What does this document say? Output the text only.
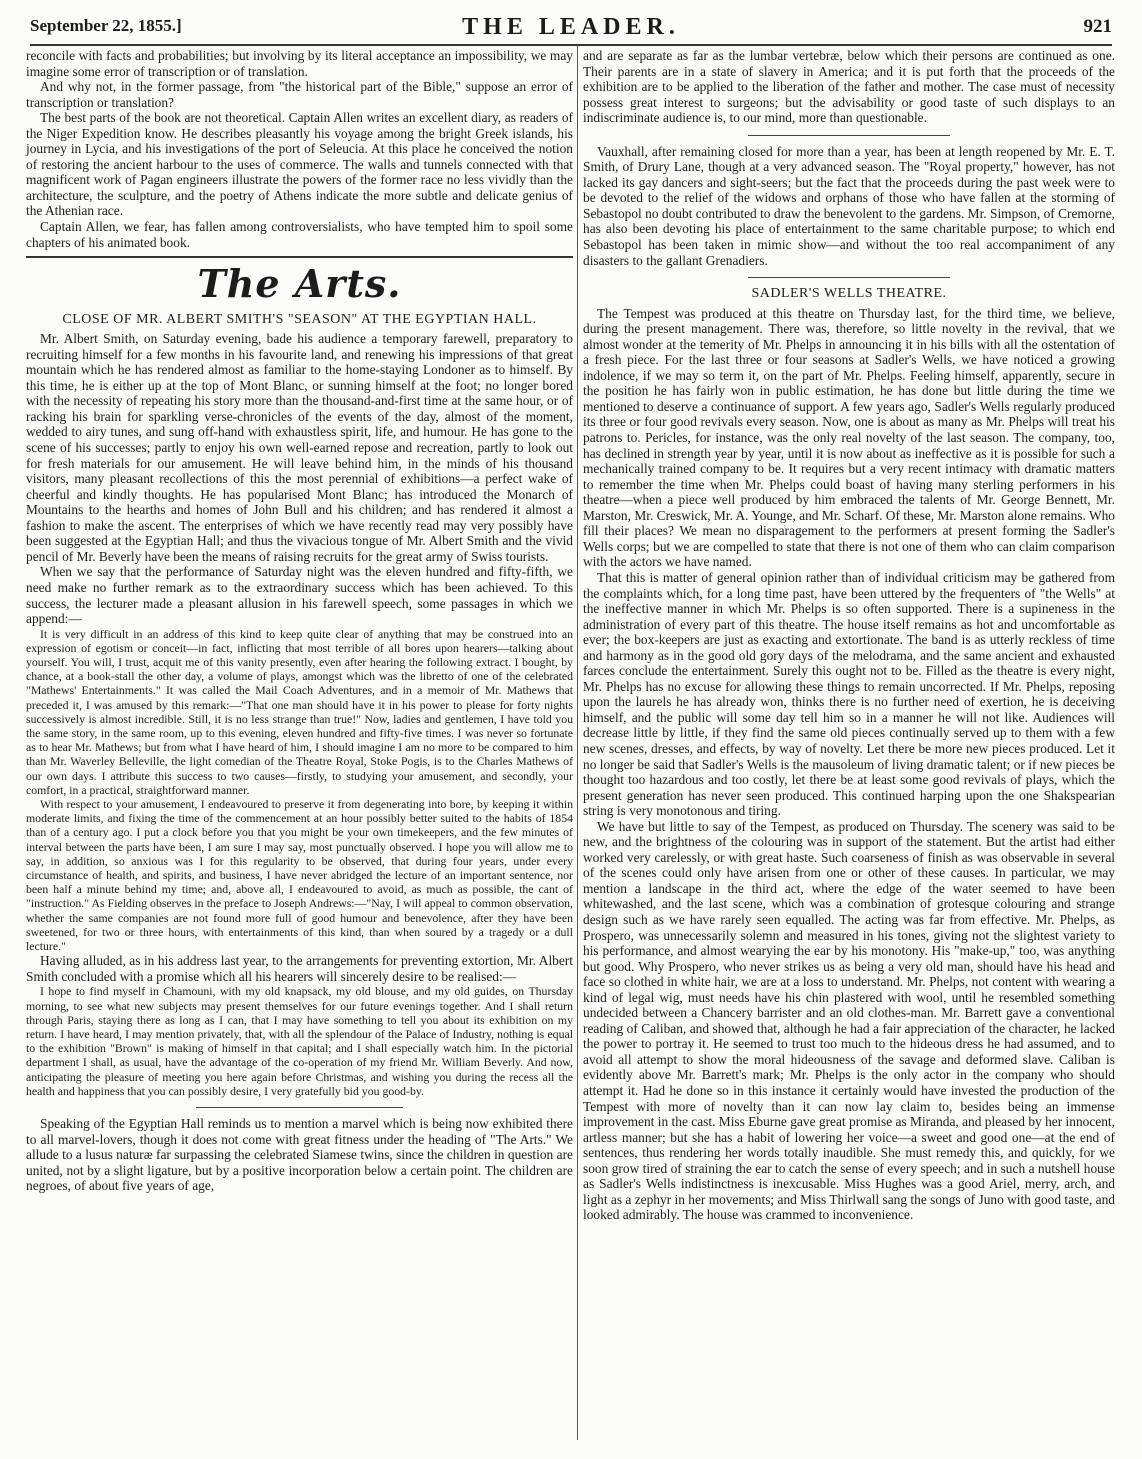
September 22, 1855.]	THE LEADER.	921

reconcile with facts and probabilities; but involving by its literal acceptance an impossibility, we may imagine some error of transcription or of translation.

And why not, in the former passage, from "the historical part of the Bible," suppose an error of transcription or translation?

The best parts of the book are not theoretical. Captain Allen writes an excellent diary, as readers of the Niger Expedition know. He describes pleasantly his voyage among the bright Greek islands, his journey in Lycia, and his investigations of the port of Seleucia. At this place he conceived the notion of restoring the ancient harbour to the uses of commerce. The walls and tunnels connected with that magnificent work of Pagan engineers illustrate the powers of the former race no less vividly than the architecture, the sculpture, and the poetry of Athens indicate the more subtle and delicate genius of the Athenian race.

Captain Allen, we fear, has fallen among controversialists, who have tempted him to spoil some chapters of his animated book.

The Arts.
CLOSE OF MR. ALBERT SMITH'S "SEASON" AT THE EGYPTIAN HALL.

Mr. Albert Smith, on Saturday evening, bade his audience a temporary farewell, preparatory to recruiting himself for a few months in his favourite land, and renewing his impressions of that great mountain which he has rendered almost as familiar to the home-staying Londoner as to himself. By this time, he is either up at the top of Mont Blanc, or sunning himself at the foot; no longer bored with the necessity of repeating his story more than the thousand-and-first time at the same hour, or of racking his brain for sparkling verse-chronicles of the events of the day, almost of the moment, wedded to airy tunes, and sung off-hand with exhaustless spirit, life, and humour. He has gone to the scene of his successes; partly to enjoy his own well-earned repose and recreation, partly to look out for fresh materials for our amusement. He will leave behind him, in the minds of his thousand visitors, many pleasant recollections of this the most perennial of exhibitions—a perfect wake of cheerful and kindly thoughts. He has popularised Mont Blanc; has introduced the Monarch of Mountains to the hearths and homes of John Bull and his children; and has rendered it almost a fashion to make the ascent. The enterprises of which we have recently read may very possibly have been suggested at the Egyptian Hall; and thus the vivacious tongue of Mr. Albert Smith and the vivid pencil of Mr. Beverly have been the means of raising recruits for the great army of Swiss tourists.

When we say that the performance of Saturday night was the eleven hundred and fifty-fifth, we need make no further remark as to the extraordinary success which has been achieved. To this success, the lecturer made a pleasant allusion in his farewell speech, some passages in which we append:—

It is very difficult in an address of this kind to keep quite clear of anything that may be construed into an expression of egotism or conceit—in fact, inflicting that most terrible of all bores upon hearers—talking about yourself. You will, I trust, acquit me of this vanity presently, even after hearing the following extract. I bought, by chance, at a book-stall the other day, a volume of plays, amongst which was the libretto of one of the celebrated "Mathews' Entertainments." It was called the Mail Coach Adventures, and in a memoir of Mr. Mathews that preceded it, I was amused by this remark:—"That one man should have it in his power to please for forty nights successively is almost incredible. Still, it is no less strange than true!" Now, ladies and gentlemen, I have told you the same story, in the same room, up to this evening, eleven hundred and fifty-five times. I was never so fortunate as to hear Mr. Mathews; but from what I have heard of him, I should imagine I am no more to be compared to him than Mr. Waverley Belleville, the light comedian of the Theatre Royal, Stoke Pogis, is to the Charles Mathews of our own days. I attribute this success to two causes—firstly, to studying your amusement, and secondly, your comfort, in a practical, straightforward manner.

With respect to your amusement, I endeavoured to preserve it from degenerating into bore, by keeping it within moderate limits, and fixing the time of the commencement at an hour possibly better suited to the habits of 1854 than of a century ago. I put a clock before you that you might be your own timekeepers, and the few minutes of interval between the parts have been, I am sure I may say, most punctually observed. I hope you will allow me to say, in addition, so anxious was I for this regularity to be observed, that during four years, under every circumstance of health, and spirits, and business, I have never abridged the lecture of an important sentence, nor been half a minute behind my time; and, above all, I endeavoured to avoid, as much as possible, the cant of "instruction." As Fielding observes in the preface to Joseph Andrews:—"Nay, I will appeal to common observation, whether the same companies are not found more full of good humour and benevolence, after they have been sweetened, for two or three hours, with entertainments of this kind, than when soured by a tragedy or a dull lecture."

Having alluded, as in his address last year, to the arrangements for preventing extortion, Mr. Albert Smith concluded with a promise which all his hearers will sincerely desire to be realised:—

I hope to find myself in Chamouni, with my old knapsack, my old blouse, and my old guides, on Thursday morning, to see what new subjects may present themselves for our future evenings together. And I shall return through Paris, staying there as long as I can, that I may have something to tell you about its exhibition on my return. I have heard, I may mention privately, that, with all the splendour of the Palace of Industry, nothing is equal to the exhibition "Brown" is making of himself in that capital; and I shall especially watch him. In the pictorial department I shall, as usual, have the advantage of the co-operation of my friend Mr. William Beverly. And now, anticipating the pleasure of meeting you here again before Christmas, and wishing you during the recess all the health and happiness that you can possibly desire, I very gratefully bid you good-by.

Speaking of the Egyptian Hall reminds us to mention a marvel which is being now exhibited there to all marvel-lovers, though it does not come with great fitness under the heading of "The Arts." We allude to a lusus naturæ far surpassing the celebrated Siamese twins, since the children in question are united, not by a slight ligature, but by a positive incorporation below a certain point. The children are negroes, of about five years of age,

and are separate as far as the lumbar vertebræ, below which their persons are continued as one. Their parents are in a state of slavery in America; and it is put forth that the proceeds of the exhibition are to be applied to the liberation of the father and mother. The case must of necessity possess great interest to surgeons; but the advisability or good taste of such displays to an indiscriminate audience is, to our mind, more than questionable.

Vauxhall, after remaining closed for more than a year, has been at length reopened by Mr. E. T. Smith, of Drury Lane, though at a very advanced season. The "Royal property," however, has not lacked its gay dancers and sight-seers; but the fact that the proceeds during the past week were to be devoted to the relief of the widows and orphans of those who have fallen at the storming of Sebastopol no doubt contributed to draw the benevolent to the gardens. Mr. Simpson, of Cremorne, has also been devoting his place of entertainment to the same charitable purpose; to which end Sebastopol has been taken in mimic show—and without the too real accompaniment of any disasters to the gallant Grenadiers.

SADLER'S WELLS THEATRE.

The Tempest was produced at this theatre on Thursday last, for the third time, we believe, during the present management. There was, therefore, so little novelty in the revival, that we almost wonder at the temerity of Mr. Phelps in announcing it in his bills with all the ostentation of a fresh piece. For the last three or four seasons at Sadler's Wells, we have noticed a growing indolence, if we may so term it, on the part of Mr. Phelps. Feeling himself, apparently, secure in the position he has fairly won in public estimation, he has done but little during the time we mentioned to deserve a continuance of support. A few years ago, Sadler's Wells regularly produced its three or four good revivals every season. Now, one is about as many as Mr. Phelps will treat his patrons to. Pericles, for instance, was the only real novelty of the last season. The company, too, has declined in strength year by year, until it is now about as ineffective as it is possible for such a mechanically trained company to be. It requires but a very recent intimacy with dramatic matters to remember the time when Mr. Phelps could boast of having many sterling performers in his theatre—when a piece well produced by him embraced the talents of Mr. George Bennett, Mr. Marston, Mr. Creswick, Mr. A. Younge, and Mr. Scharf. Of these, Mr. Marston alone remains. Who fill their places? We mean no disparagement to the performers at present forming the Sadler's Wells corps; but we are compelled to state that there is not one of them who can claim comparison with the actors we have named.

That this is matter of general opinion rather than of individual criticism may be gathered from the complaints which, for a long time past, have been uttered by the frequenters of "the Wells" at the ineffective manner in which Mr. Phelps is so often supported. There is a supineness in the administration of every part of this theatre. The house itself remains as hot and uncomfortable as ever; the box-keepers are just as exacting and extortionate. The band is as utterly reckless of time and harmony as in the good old gory days of the melodrama, and the same ancient and exhausted farces conclude the entertainment. Surely this ought not to be. Filled as the theatre is every night, Mr. Phelps has no excuse for allowing these things to remain uncorrected. If Mr. Phelps, reposing upon the laurels he has already won, thinks there is no further need of exertion, he is deceiving himself, and the public will some day tell him so in a manner he will not like. Audiences will decrease little by little, if they find the same old pieces continually served up to them with a few new scenes, dresses, and effects, by way of novelty. Let there be more new pieces produced. Let it no longer be said that Sadler's Wells is the mausoleum of living dramatic talent; or if new pieces be thought too hazardous and too costly, let there be at least some good revivals of plays, which the present generation has never seen produced. This continued harping upon the one Shakspearian string is very monotonous and tiring.

We have but little to say of the Tempest, as produced on Thursday. The scenery was said to be new, and the brightness of the colouring was in support of the statement. But the artist had either worked very carelessly, or with great haste. Such coarseness of finish as was observable in several of the scenes could only have arisen from one or other of these causes. In particular, we may mention a landscape in the third act, where the edge of the water seemed to have been whitewashed, and the last scene, which was a combination of grotesque colouring and strange design such as we have rarely seen equalled. The acting was far from effective. Mr. Phelps, as Prospero, was unnecessarily solemn and measured in his tones, giving not the slightest variety to his performance, and almost wearying the ear by his monotony. His "make-up," too, was anything but good. Why Prospero, who never strikes us as being a very old man, should have his head and face so clothed in white hair, we are at a loss to understand. Mr. Phelps, not content with wearing a kind of legal wig, must needs have his chin plastered with wool, until he resembled something undecided between a Chancery barrister and an old clothes-man. Mr. Barrett gave a conventional reading of Caliban, and showed that, although he had a fair appreciation of the character, he lacked the power to portray it. He seemed to trust too much to the hideous dress he had assumed, and to avoid all attempt to show the moral hideousness of the savage and deformed slave. Caliban is evidently above Mr. Barrett's mark; Mr. Phelps is the only actor in the company who should attempt it. Had he done so in this instance it certainly would have invested the production of the Tempest with more of novelty than it can now lay claim to, besides being an immense improvement in the cast. Miss Eburne gave great promise as Miranda, and pleased by her innocent, artless manner; but she has a habit of lowering her voice—a sweet and good one—at the end of sentences, thus rendering her words totally inaudible. She must remedy this, and quickly, for we soon grow tired of straining the ear to catch the sense of every speech; and in such a nutshell house as Sadler's Wells indistinctness is inexcusable. Miss Hughes was a good Ariel, merry, arch, and light as a zephyr in her movements; and Miss Thirlwall sang the songs of Juno with good taste, and looked admirably. The house was crammed to inconvenience.
